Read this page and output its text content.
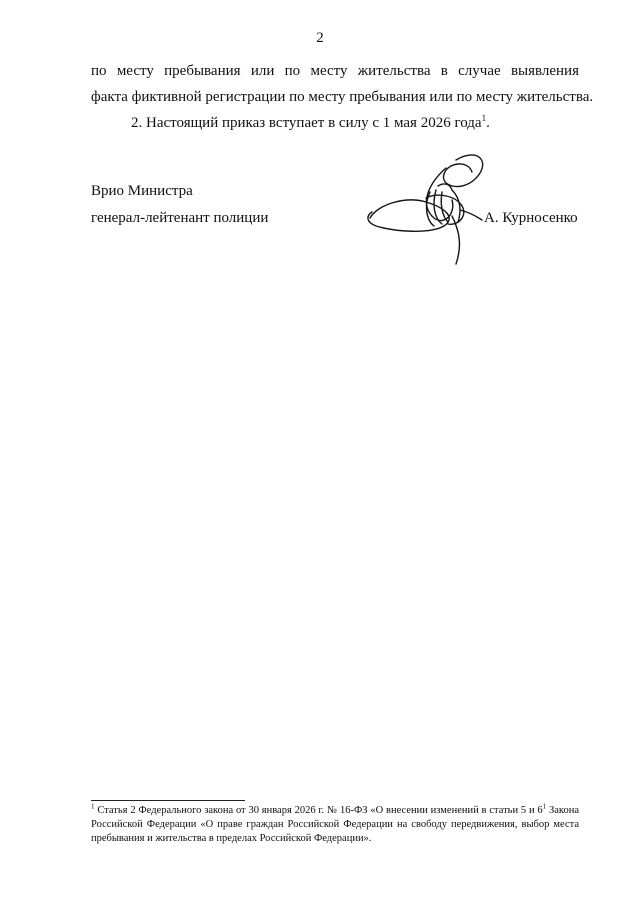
2

по месту пребывания или по месту жительства в случае выявления

факта фиктивной регистрации по месту пребывания или по месту жительства.

2. Настоящий приказ вступает в силу с 1 мая 2026 года$^1$.

Врио Министра
генерал-лейтенант полиции	А. Курносенко
$^1$ Статья 2 Федерального закона от 30 января 2026 г. № 16-ФЗ «О внесении изменений в статьи 5 и $6^1$ Закона Российской Федерации «О праве граждан Российской Федерации на свободу передвижения, выбор места пребывания и жительства в пределах Российской Федерации».
